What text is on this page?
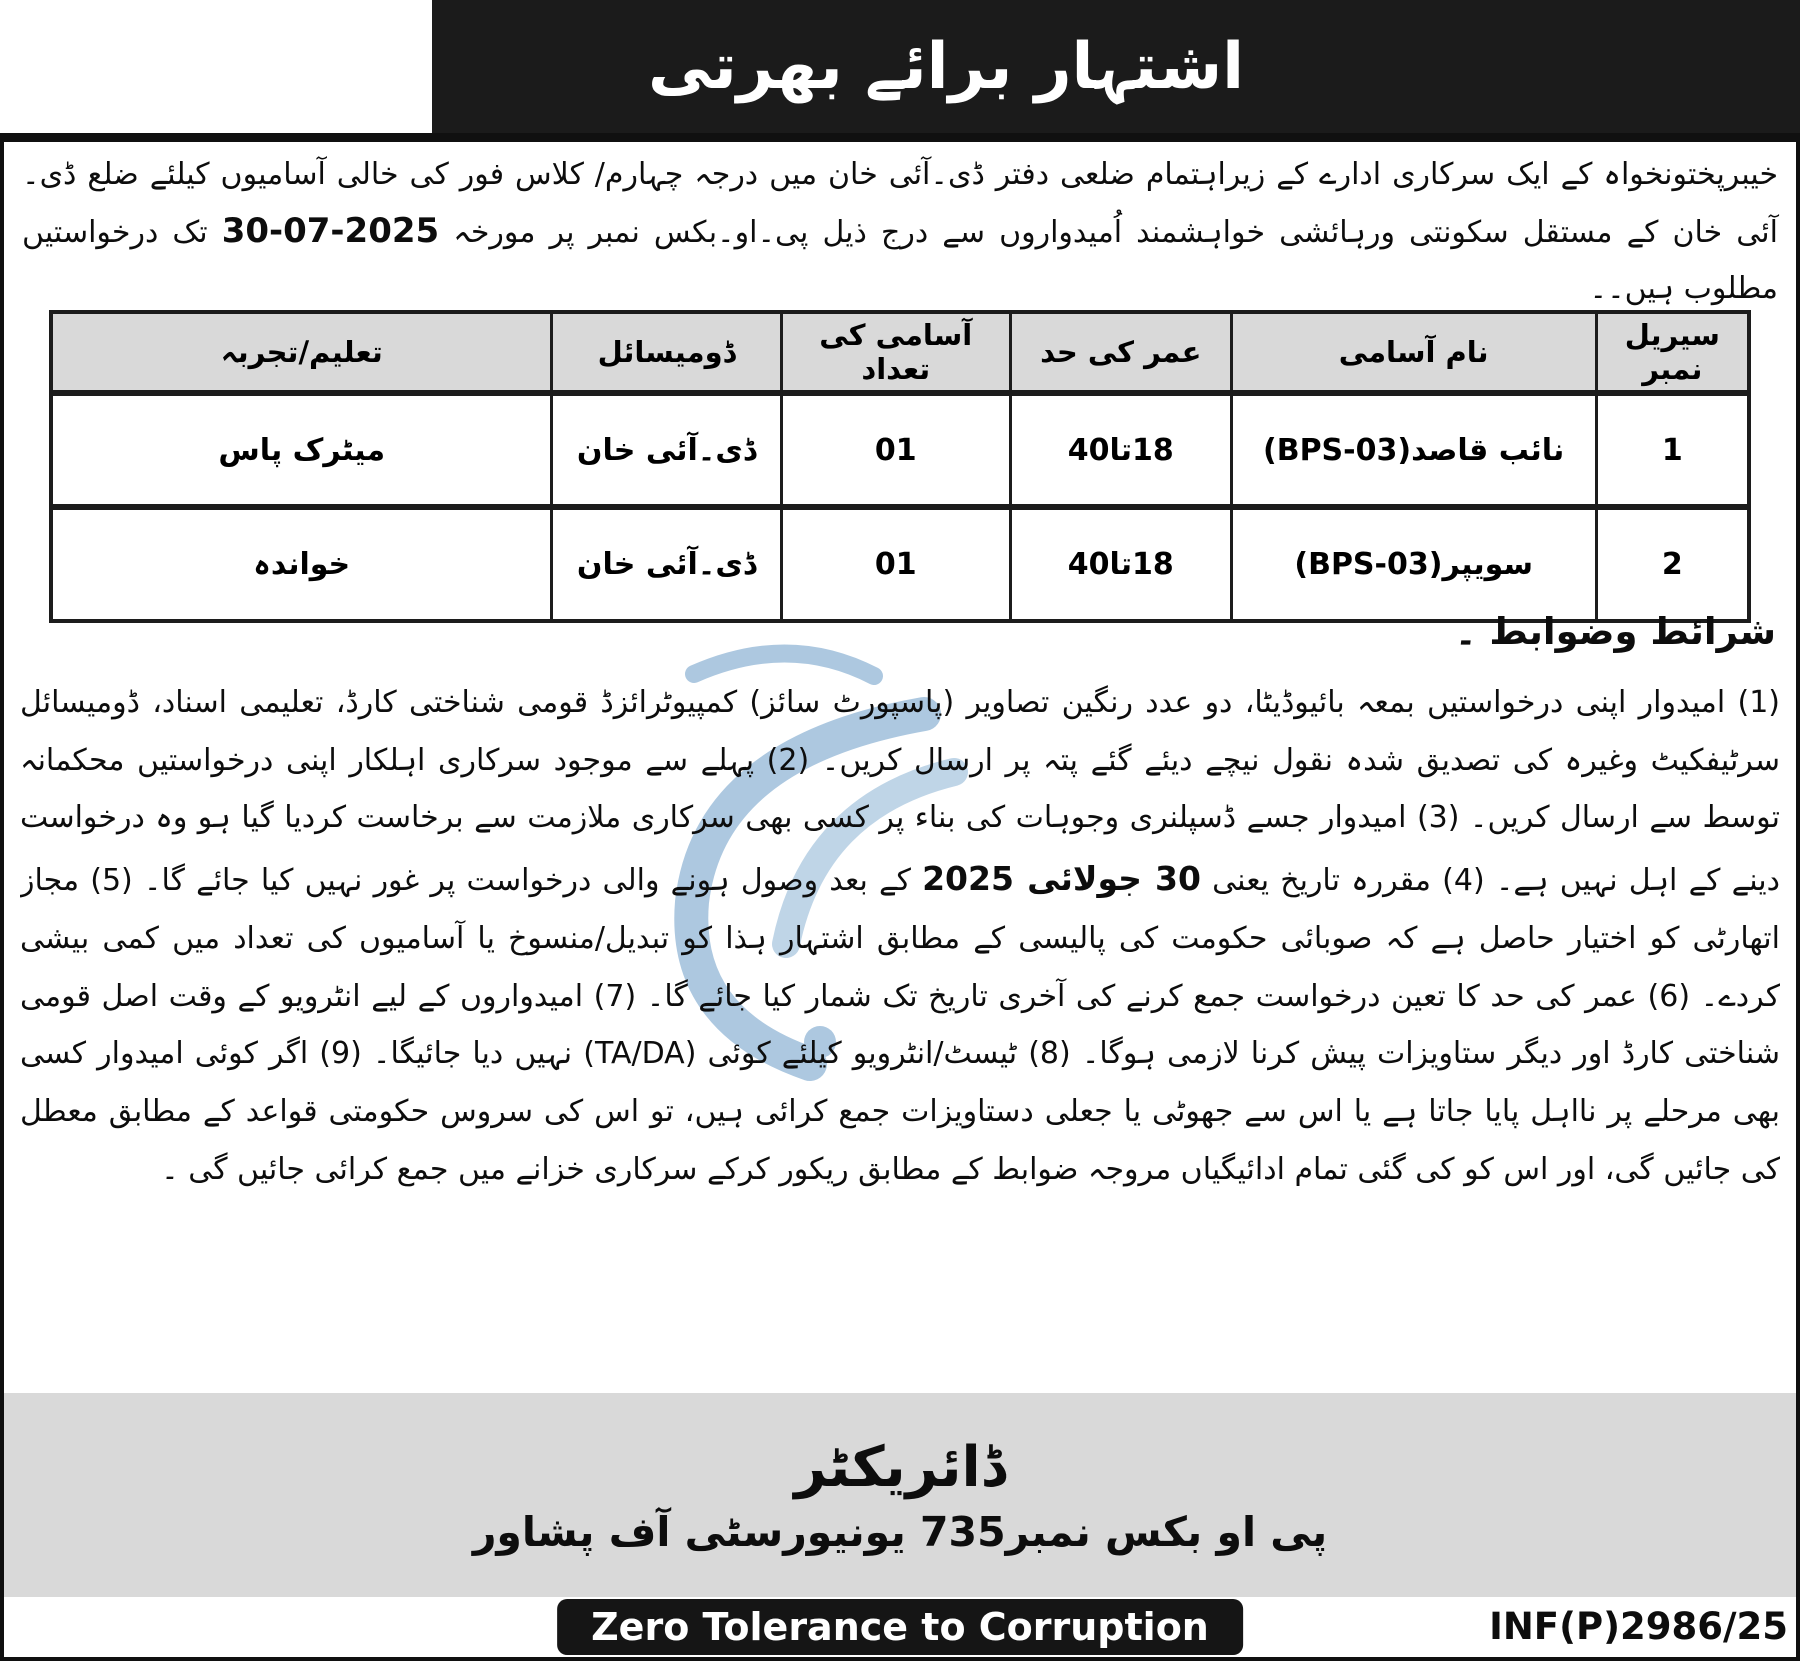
اشتہار برائے بھرتی

خیبرپختونخواہ کے ایک سرکاری ادارے کے زیراہتمام ضلعی دفتر ڈی۔آئی خان میں درجہ چہارم/ کلاس فور کی خالی آسامیوں کیلئے ضلع ڈی۔آئی خان کے مستقل سکونتی ورہائشی خواہشمند اُمیدواروں سے درج ذیل پی۔او۔بکس نمبر پر مورخہ 30-07-2025 تک درخواستیں مطلوب ہیں۔۔

سیریل نمبر	نام آسامی	عمر کی حد	آسامی کی تعداد	ڈومیسائل	تعلیم/تجربہ
1	نائب قاصد(BPS-03)	18تا40	01	ڈی۔آئی خان	میٹرک پاس
2	سویپر(BPS-03)	18تا40	01	ڈی۔آئی خان	خواندہ
شرائط وضوابط ۔

(1) امیدوار اپنی درخواستیں بمعہ بائیوڈیٹا، دو عدد رنگین تصاویر (پاسپورٹ سائز) کمپیوٹرائزڈ قومی شناختی کارڈ، تعلیمی اسناد، ڈومیسائل سرٹیفکیٹ وغیرہ کی تصدیق شدہ نقول نیچے دیئے گئے پتہ پر ارسال کریں۔ (2) پہلے سے موجود سرکاری اہلکار اپنی درخواستیں محکمانہ توسط سے ارسال کریں۔ (3) امیدوار جسے ڈسپلنری وجوہات کی بناء پر کسی بھی سرکاری ملازمت سے برخاست کردیا گیا ہو وہ درخواست دینے کے اہل نہیں ہے۔ (4) مقررہ تاریخ یعنی 30 جولائی 2025 کے بعد وصول ہونے والی درخواست پر غور نہیں کیا جائے گا۔ (5) مجاز اتھارٹی کو اختیار حاصل ہے کہ صوبائی حکومت کی پالیسی کے مطابق اشتہار ہذا کو تبدیل/منسوخ یا آسامیوں کی تعداد میں کمی بیشی کردے۔ (6) عمر کی حد کا تعین درخواست جمع کرنے کی آخری تاریخ تک شمار کیا جائے گا۔ (7) امیدواروں کے لیے انٹرویو کے وقت اصل قومی شناختی کارڈ اور دیگر ستاویزات پیش کرنا لازمی ہوگا۔ (8) ٹیسٹ/انٹرویو کیلئے کوئی (TA/DA) نہیں دیا جائیگا۔ (9) اگر کوئی امیدوار کسی بھی مرحلے پر نااہل پایا جاتا ہے یا اس سے جھوٹی یا جعلی دستاویزات جمع کرائی ہیں، تو اس کی سروس حکومتی قواعد کے مطابق معطل کی جائیں گی، اور اس کو کی گئی تمام ادائیگیاں مروجہ ضوابط کے مطابق ریکور کرکے سرکاری خزانے میں جمع کرائی جائیں گی ۔

ڈائریکٹر
پی او بکس نمبر735 یونیورسٹی آف پشاور
Zero Tolerance to Corruption	INF(P)2986/25
